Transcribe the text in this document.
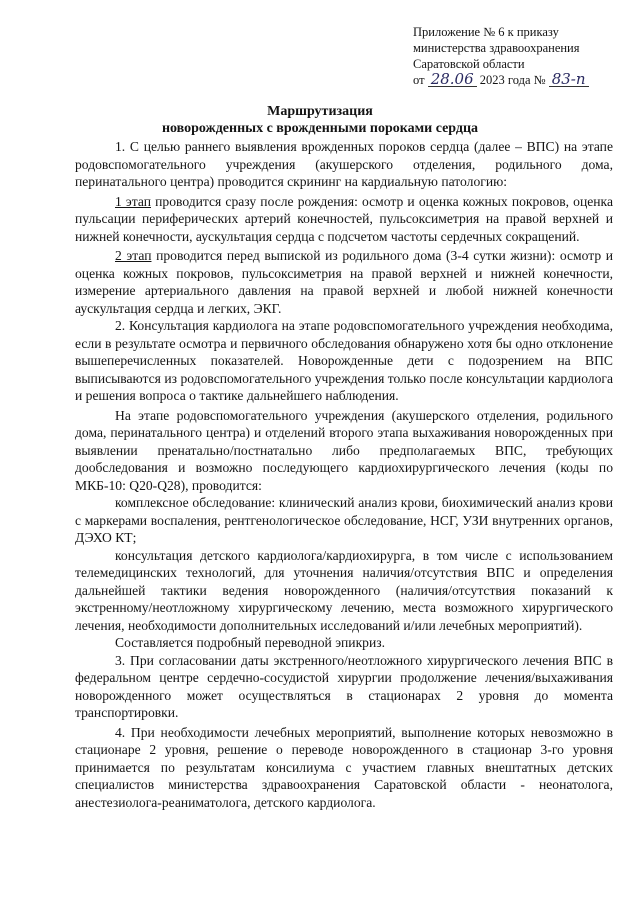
Приложение № 6 к приказу
министерства здравоохранения
Саратовской области
от 28.06 2023 года № 83-п
Маршрутизация
новорожденных с врожденными пороками сердца

1. С целью раннего выявления врожденных пороков сердца (далее – ВПС) на этапе родовспомогательного учреждения (акушерского отделения, родильного дома, перинатального центра) проводится скрининг на кардиальную патологию:

1 этап проводится сразу после рождения: осмотр и оценка кожных покровов, оценка пульсации периферических артерий конечностей, пульсоксиметрия на правой верхней и нижней конечности, аускультация сердца с подсчетом частоты сердечных сокращений.

2 этап проводится перед выпиской из родильного дома (3-4 сутки жизни): осмотр и оценка кожных покровов, пульсоксиметрия на правой верхней и нижней конечности, измерение артериального давления на правой верхней и любой нижней конечности аускультация сердца и легких, ЭКГ.

2. Консультация кардиолога на этапе родовспомогательного учреждения необходима, если в результате осмотра и первичного обследования обнаружено хотя бы одно отклонение вышеперечисленных показателей. Новорожденные дети с подозрением на ВПС выписываются из родовспомогательного учреждения только после консультации кардиолога и решения вопроса о тактике дальнейшего наблюдения.

На этапе родовспомогательного учреждения (акушерского отделения, родильного дома, перинатального центра) и отделений второго этапа выхаживания новорожденных при выявлении пренатально/постнатально либо предполагаемых ВПС, требующих дообследования и возможно последующего кардиохирургического лечения (коды по МКБ-10: Q20-Q28), проводится:

комплексное обследование: клинический анализ крови, биохимический анализ крови с маркерами воспаления, рентгенологическое обследование, НСГ, УЗИ внутренних органов, ДЭХО КТ;

консультация детского кардиолога/кардиохирурга, в том числе с использованием телемедицинских технологий, для уточнения наличия/отсутствия ВПС и определения дальнейшей тактики ведения новорожденного (наличия/отсутствия показаний к экстренному/неотложному хирургическому лечению, места возможного хирургического лечения, необходимости дополнительных исследований и/или лечебных мероприятий).

Составляется подробный переводной эпикриз.

3. При согласовании даты экстренного/неотложного хирургического лечения ВПС в федеральном центре сердечно-сосудистой хирургии продолжение лечения/выхаживания новорожденного может осуществляться в стационарах 2 уровня до момента транспортировки.

4. При необходимости лечебных мероприятий, выполнение которых невозможно в стационаре 2 уровня, решение о переводе новорожденного в стационар 3-го уровня принимается по результатам консилиума с участием главных внештатных детских специалистов министерства здравоохранения Саратовской области - неонатолога, анестезиолога-реаниматолога, детского кардиолога.
